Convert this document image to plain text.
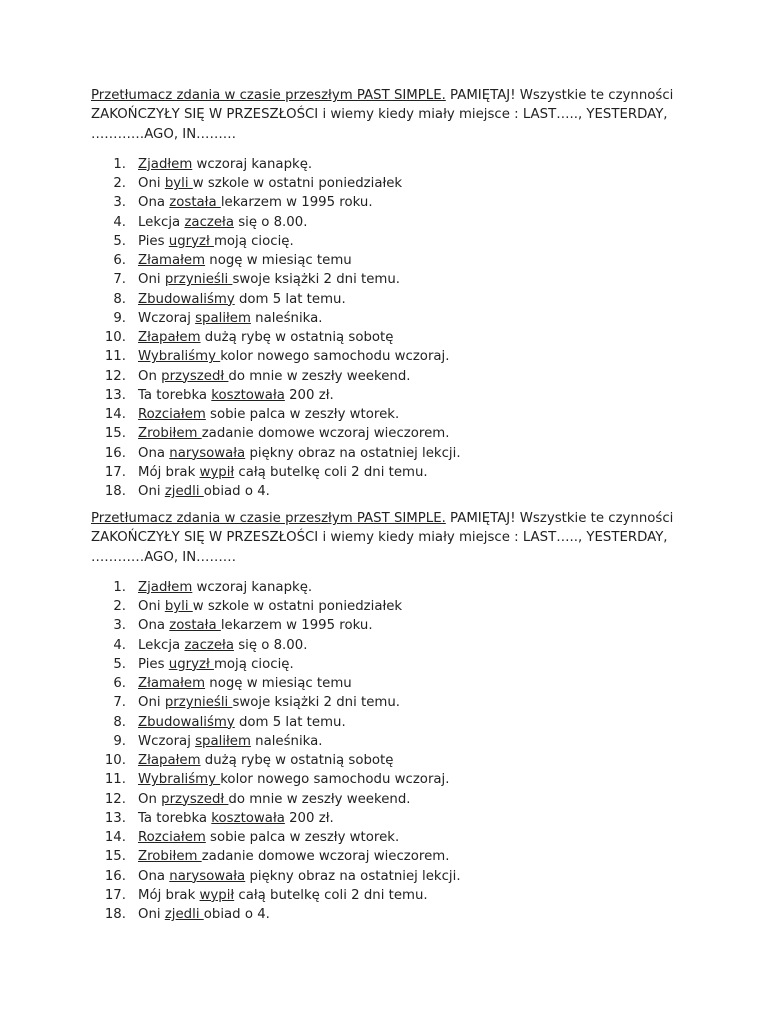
Przetłumacz zdania w czasie przeszłym PAST SIMPLE. PAMIĘTAJ! Wszystkie te czynności ZAKOŃCZYŁY SIĘ W PRZESZŁOŚCI i wiemy kiedy miały miejsce : LAST….., YESTERDAY, …………AGO, IN………

1. Zjadłem wczoraj kanapkę.
2. Oni byli w szkole w ostatni poniedziałek
3. Ona została lekarzem w 1995 roku.
4. Lekcja zaczeła się o 8.00.
5. Pies ugryzł moją ciocię.
6. Złamałem nogę w miesiąc temu
7. Oni przynieśli swoje książki 2 dni temu.
8. Zbudowaliśmy dom 5 lat temu.
9. Wczoraj spaliłem naleśnika.
10. Złapałem dużą rybę w ostatnią sobotę
11. Wybraliśmy kolor nowego samochodu wczoraj.
12. On przyszedł do mnie w zeszły weekend.
13. Ta torebka kosztowała 200 zł.
14. Rozciałem sobie palca w zeszły wtorek.
15. Zrobiłem zadanie domowe wczoraj wieczorem.
16. Ona narysowała piękny obraz na ostatniej lekcji.
17. Mój brak wypił całą butelkę coli 2 dni temu.
18. Oni zjedli obiad o 4.

Przetłumacz zdania w czasie przeszłym PAST SIMPLE. PAMIĘTAJ! Wszystkie te czynności ZAKOŃCZYŁY SIĘ W PRZESZŁOŚCI i wiemy kiedy miały miejsce : LAST….., YESTERDAY, …………AGO, IN………

1. Zjadłem wczoraj kanapkę.
2. Oni byli w szkole w ostatni poniedziałek
3. Ona została lekarzem w 1995 roku.
4. Lekcja zaczeła się o 8.00.
5. Pies ugryzł moją ciocię.
6. Złamałem nogę w miesiąc temu
7. Oni przynieśli swoje książki 2 dni temu.
8. Zbudowaliśmy dom 5 lat temu.
9. Wczoraj spaliłem naleśnika.
10. Złapałem dużą rybę w ostatnią sobotę
11. Wybraliśmy kolor nowego samochodu wczoraj.
12. On przyszedł do mnie w zeszły weekend.
13. Ta torebka kosztowała 200 zł.
14. Rozciałem sobie palca w zeszły wtorek.
15. Zrobiłem zadanie domowe wczoraj wieczorem.
16. Ona narysowała piękny obraz na ostatniej lekcji.
17. Mój brak wypił całą butelkę coli 2 dni temu.
18. Oni zjedli obiad o 4.
